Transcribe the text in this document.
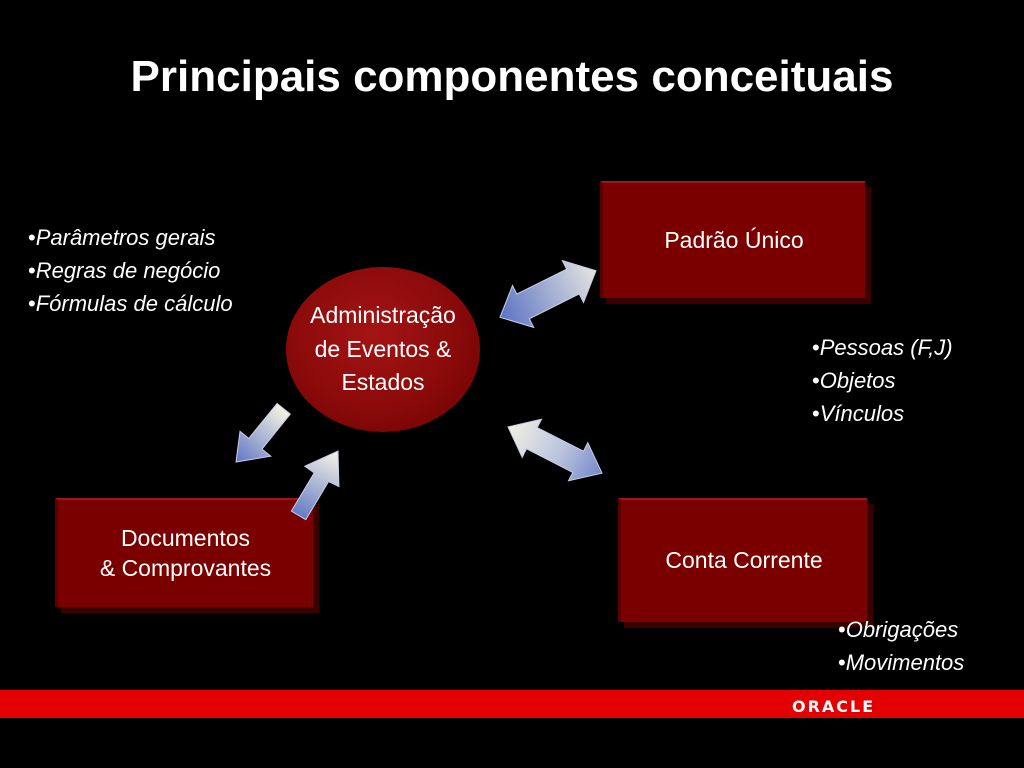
Principais componentes conceituais
• Parâmetros gerais
• Regras de negócio
• Fórmulas de cálculo
Padrão Único
Administração
de Eventos &
Estados
• Pessoas (F,J)
• Objetos
• Vínculos
Documentos
& Comprovantes	Conta Corrente
• Obrigações
• Movimentos
ORACLE
